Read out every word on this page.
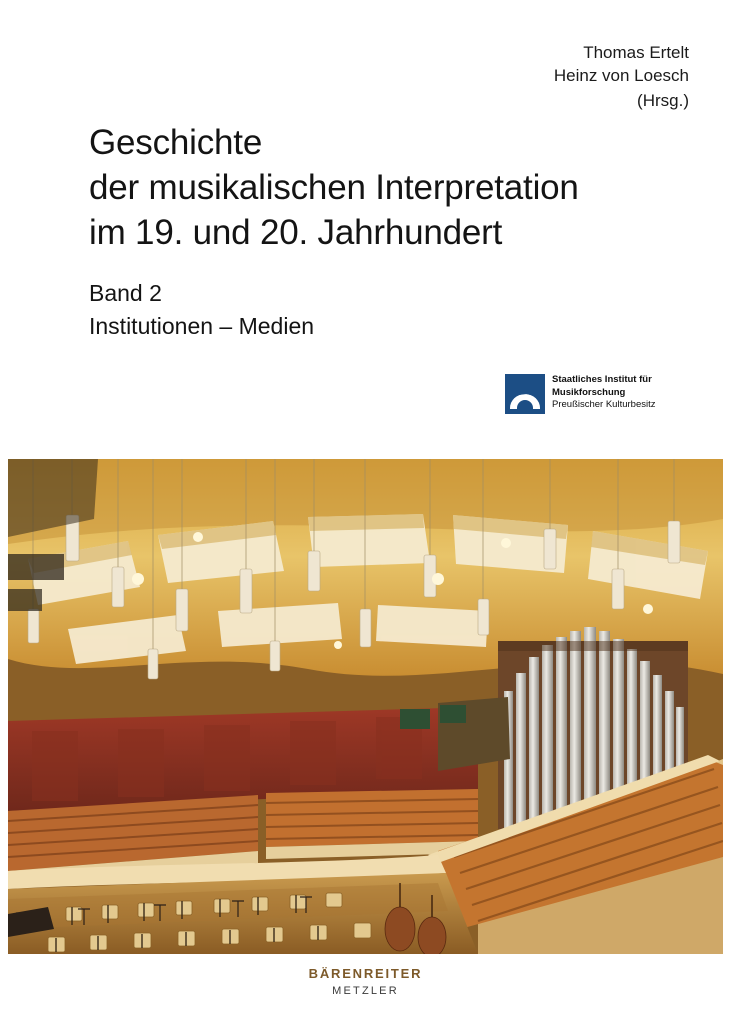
Thomas Ertelt
Heinz von Loesch
(Hrsg.)
Geschichte
der musikalischen Interpretation
im 19. und 20. Jahrhundert
Band 2
Institutionen – Medien
Staatliches Institut für
Musikforschung
Preußischer Kulturbesitz
BÄRENREITER
METZLER
